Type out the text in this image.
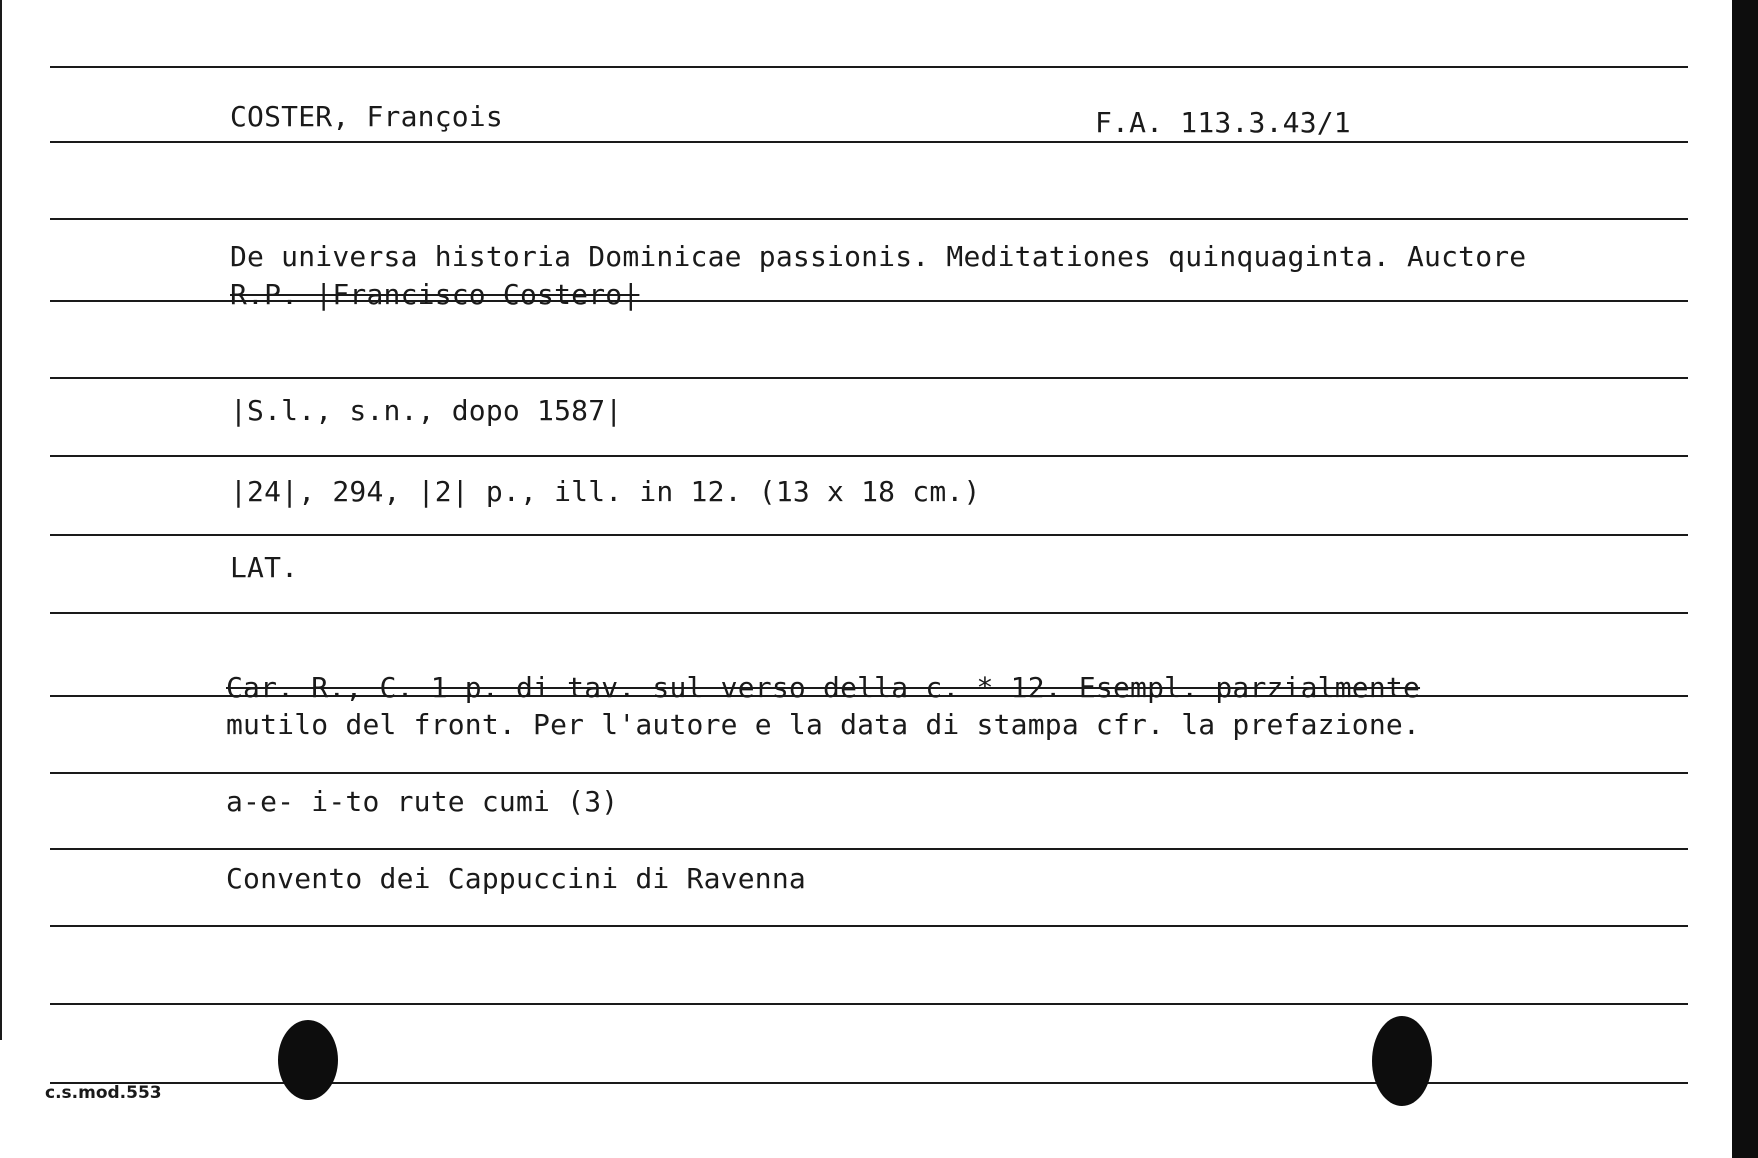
COSTER, François	F.A. 113.3.43/1
De universa historia Dominicae passionis. Meditationes quinquaginta. Auctore
R.P. |Francisco Costero|
|S.l., s.n., dopo 1587|
|24|, 294, |2| p., ill. in 12. (13 x 18 cm.)
LAT.
Car. R., C. 1 p. di tav. sul verso della c. * 12. Esempl. parzialmente
mutilo del front. Per l'autore e la data di stampa cfr. la prefazione.
a-e- i-to rute cumi (3)
Convento dei Cappuccini di Ravenna
c.s.mod.553
